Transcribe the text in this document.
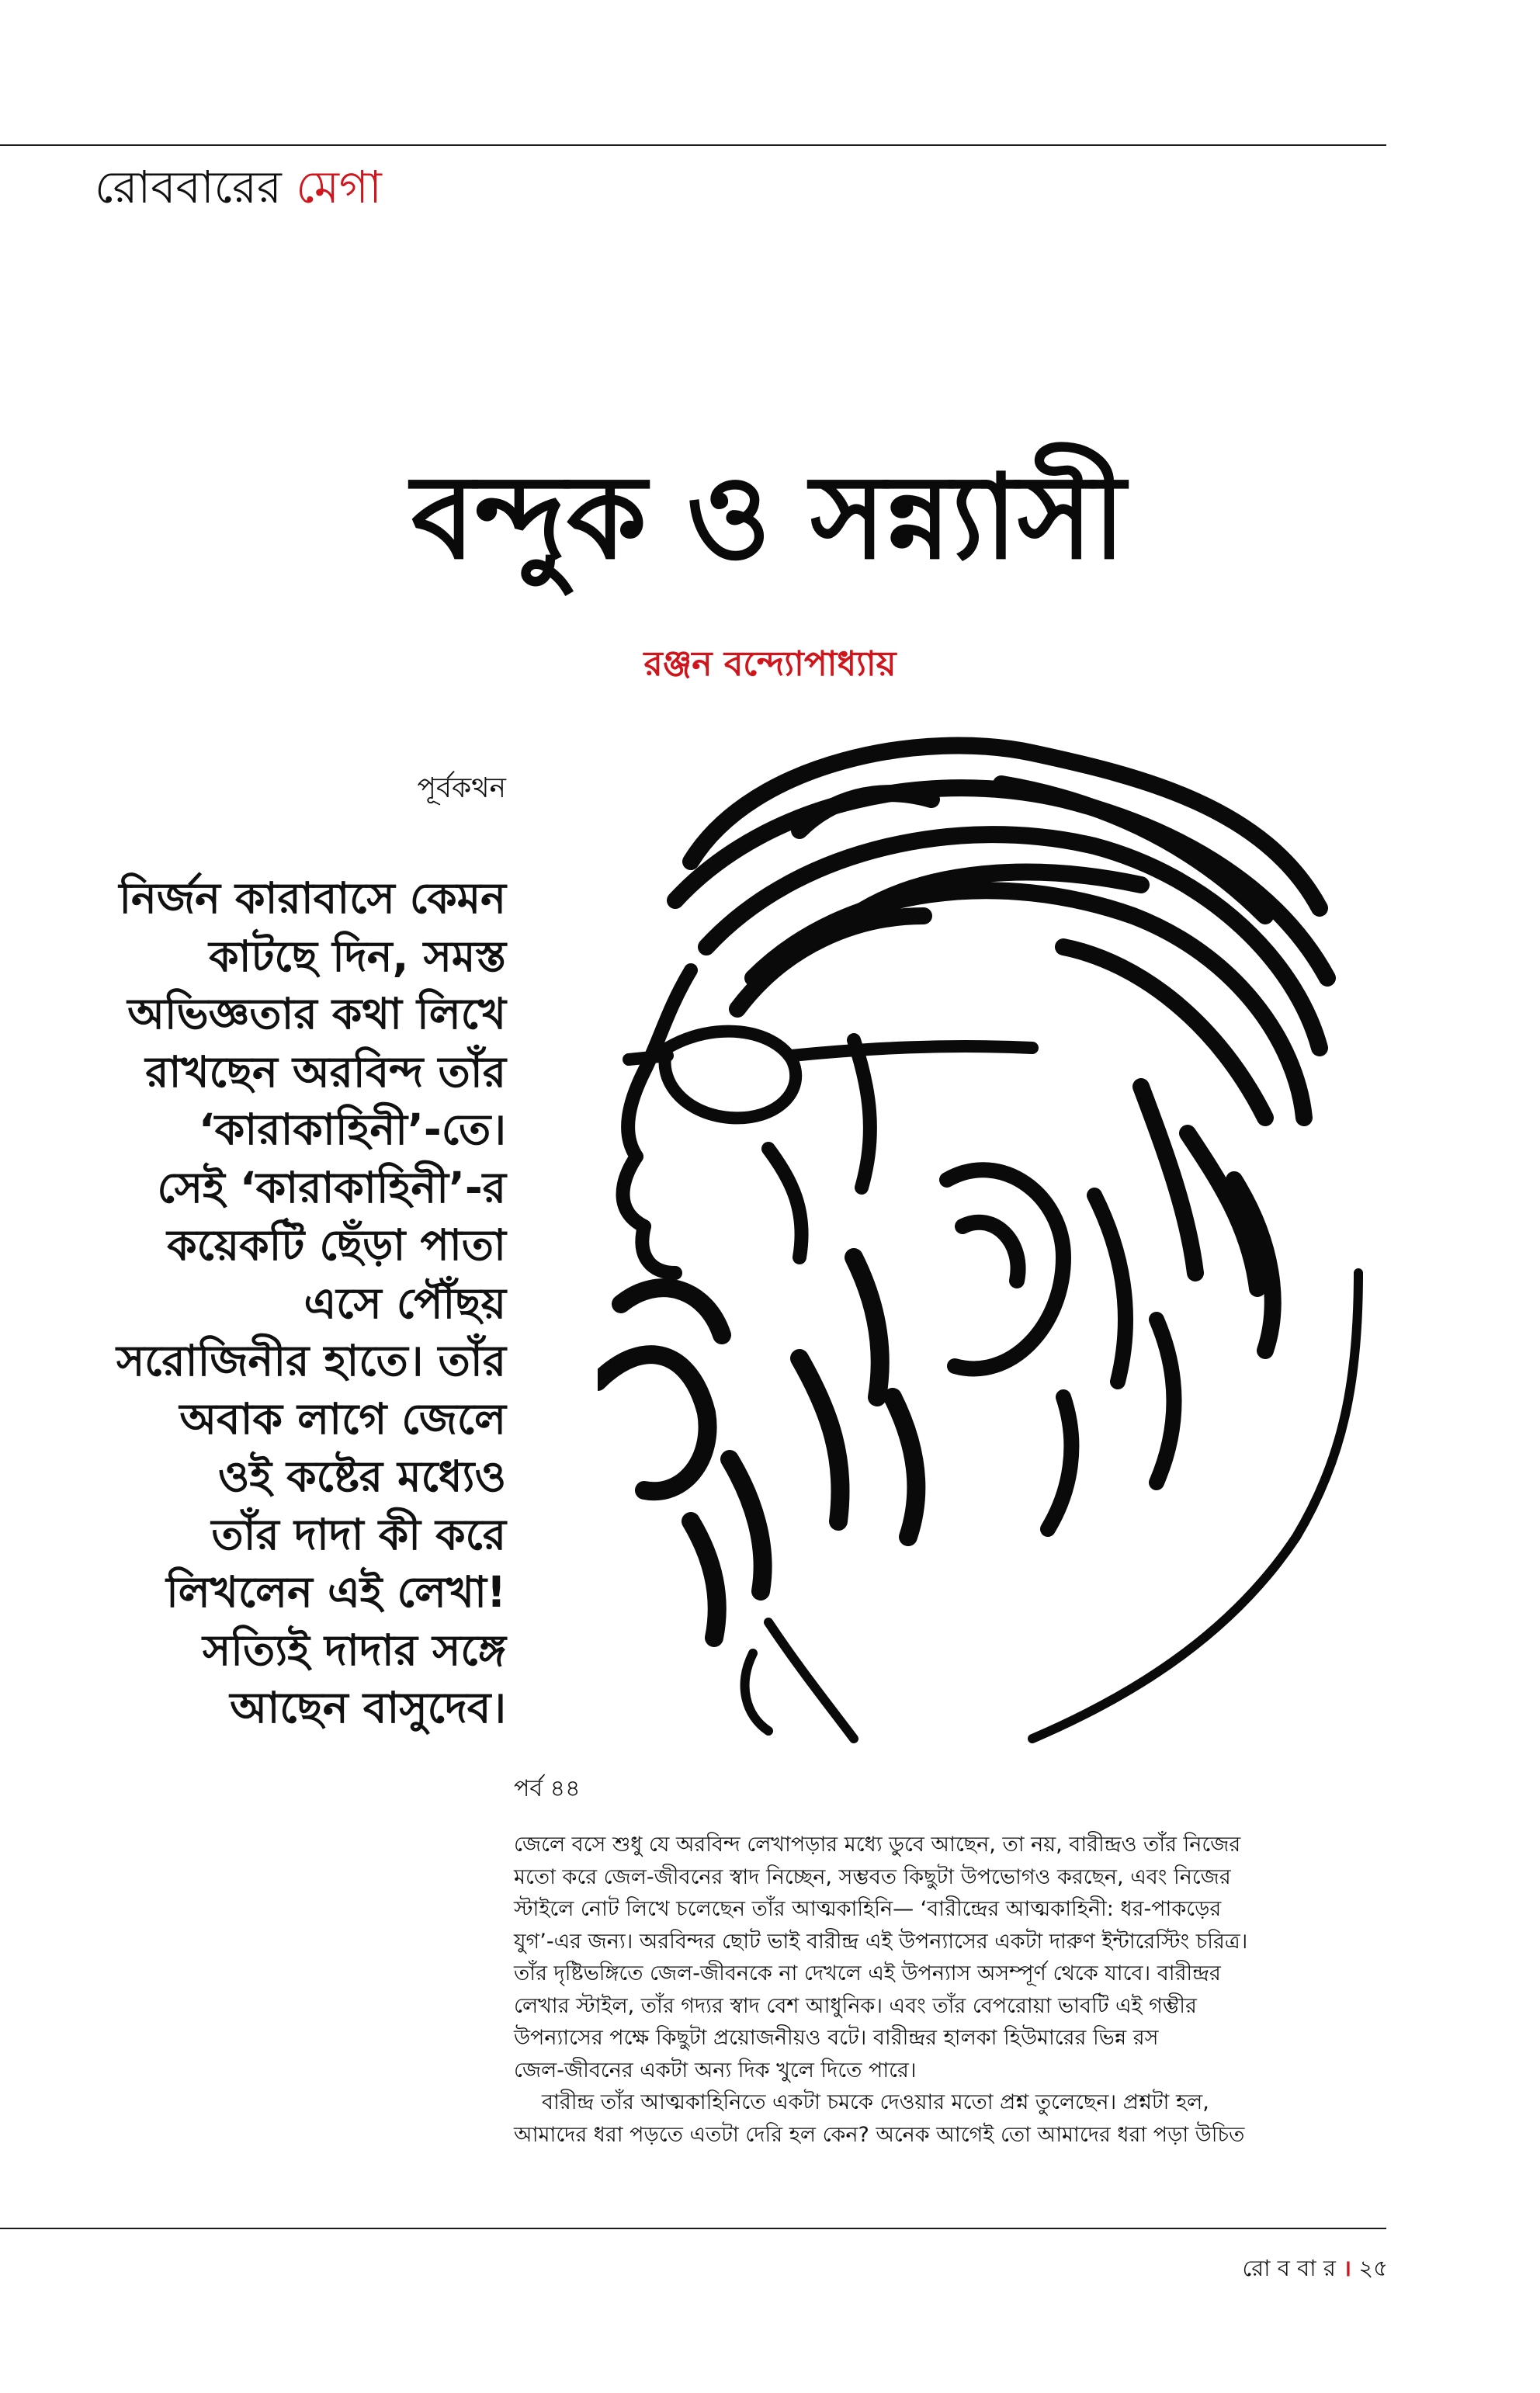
রোববারের মেগা
বন্দুক ও সন্ন্যাসী
রঞ্জন বন্দ্যোপাধ্যায়
পূর্বকথন
নির্জন কারাবাসে কেমন
কাটছে দিন, সমস্ত
অভিজ্ঞতার কথা লিখে
রাখছেন অরবিন্দ তাঁর
‘কারাকাহিনী’-তে।
সেই ‘কারাকাহিনী’-র
কয়েকটি ছেঁড়া পাতা
এসে পৌঁছয়
সরোজিনীর হাতে। তাঁর
অবাক লাগে জেলে
ওই কষ্টের মধ্যেও
তাঁর দাদা কী করে
লিখলেন এই লেখা!
সত্যিই দাদার সঙ্গে
আছেন বাসুদেব।
পর্ব ৪৪
জেলে বসে শুধু যে অরবিন্দ লেখাপড়ার মধ্যে ডুবে আছেন, তা নয়, বারীন্দ্রও তাঁর নিজের
মতো করে জেল-জীবনের স্বাদ নিচ্ছেন, সম্ভবত কিছুটা উপভোগও করছেন, এবং নিজের
স্টাইলে নোট লিখে চলেছেন তাঁর আত্মকাহিনি— ‘বারীন্দ্রের আত্মকাহিনী: ধর-পাকড়ের
যুগ’-এর জন্য। অরবিন্দর ছোট ভাই বারীন্দ্র এই উপন্যাসের একটা দারুণ ইন্টারেস্টিং চরিত্র।
তাঁর দৃষ্টিভঙ্গিতে জেল-জীবনকে না দেখলে এই উপন্যাস অসম্পূর্ণ থেকে যাবে। বারীন্দ্রর
লেখার স্টাইল, তাঁর গদ্যর স্বাদ বেশ আধুনিক। এবং তাঁর বেপরোয়া ভাবটি এই গম্ভীর
উপন্যাসের পক্ষে কিছুটা প্রয়োজনীয়ও বটে। বারীন্দ্রর হালকা হিউমারের ভিন্ন রস
জেল-জীবনের একটা অন্য দিক খুলে দিতে পারে।
বারীন্দ্র তাঁর আত্মকাহিনিতে একটা চমকে দেওয়ার মতো প্রশ্ন তুলেছেন। প্রশ্নটা হল,
আমাদের ধরা পড়তে এতটা দেরি হল কেন? অনেক আগেই তো আমাদের ধরা পড়া উচিত
রো ব বা র । ২৫
